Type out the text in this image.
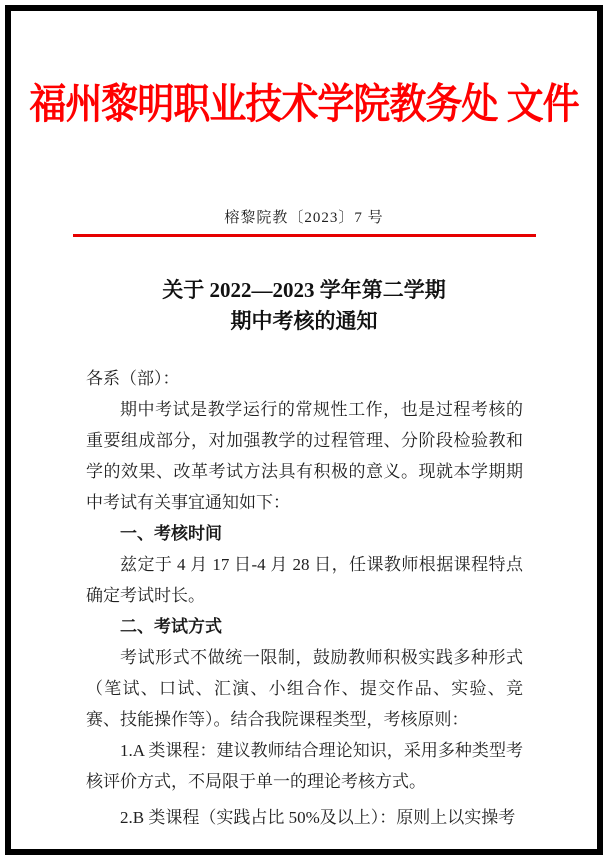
福州黎明职业技术学院教务处 文件
榕黎院教〔2023〕7 号
关于 2022—2023 学年第二学期
期中考核的通知

各系（部）：

期中考试是教学运行的常规性工作，也是过程考核的重要组成部分，对加强教学的过程管理、分阶段检验教和学的效果、改革考试方法具有积极的意义。现就本学期期中考试有关事宜通知如下：

一、考核时间

兹定于 4 月 17 日-4 月 28 日，任课教师根据课程特点确定考试时长。

二、考试方式

考试形式不做统一限制，鼓励教师积极实践多种形式（笔试、口试、汇演、小组合作、提交作品、实验、竞赛、技能操作等）。结合我院课程类型，考核原则：

1.A 类课程：建议教师结合理论知识，采用多种类型考核评价方式，不局限于单一的理论考核方式。

2.B 类课程（实践占比 50%及以上）：原则上以实操考
